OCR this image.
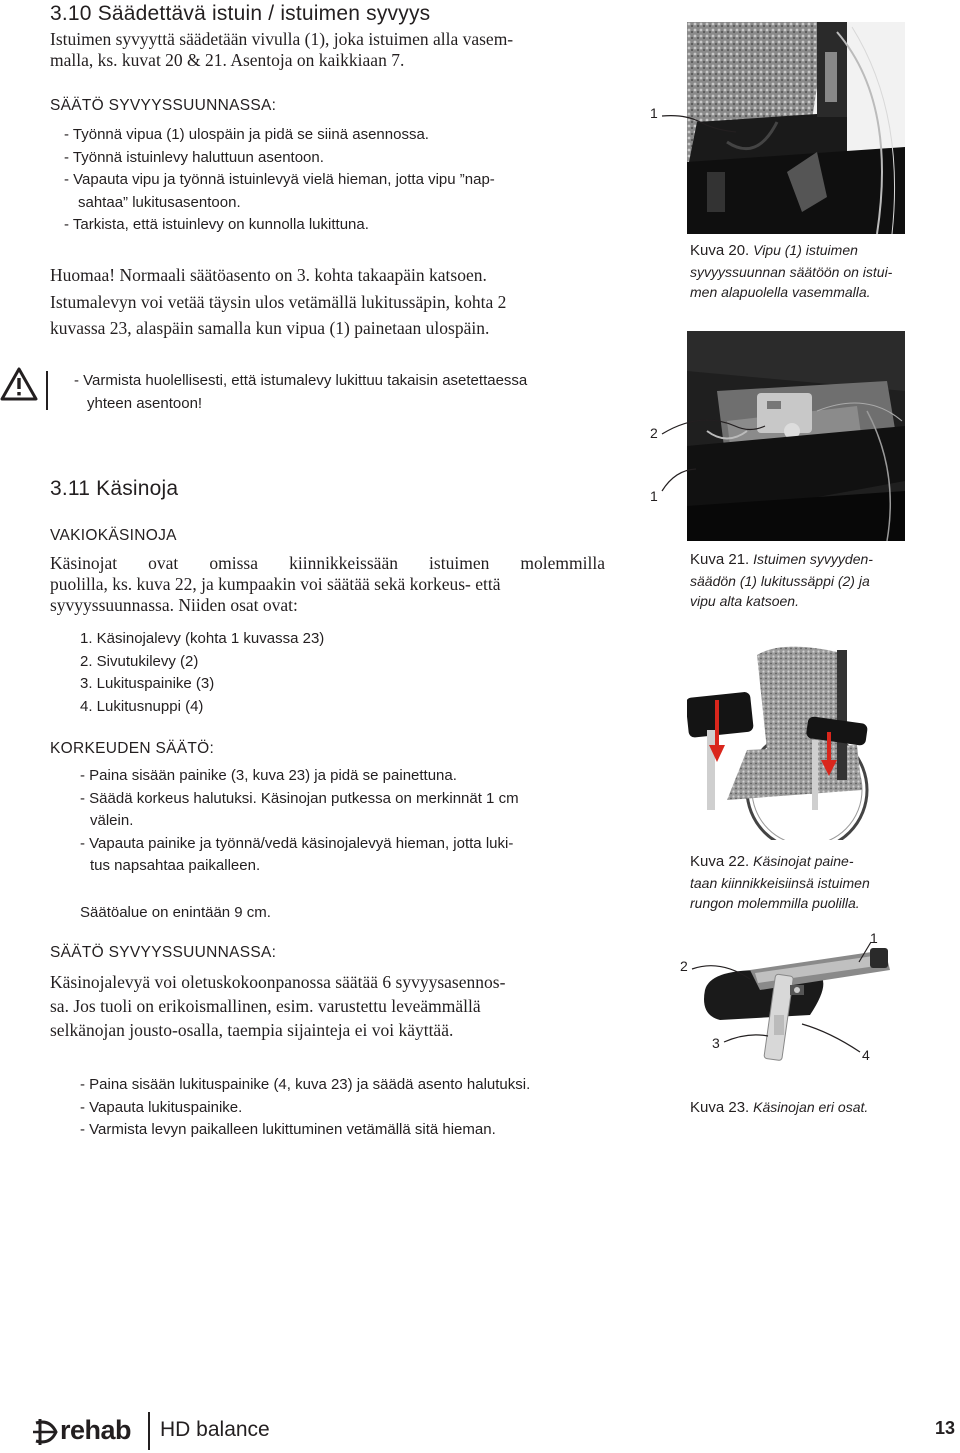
3.10 Säädettävä istuin / istuimen syvyys
Istuimen syvyyttä säädetään vivulla (1), joka istuimen alla vasem-
malla, ks. kuvat 20 & 21. Asentoja on kaikkiaan 7.
SÄÄTÖ SYVYYSSUUNNASSA:
- Työnnä vipua (1) ulospäin ja pidä se siinä asennossa.
- Työnnä istuinlevy haluttuun asentoon.
- Vapauta vipu ja työnnä istuinlevyä vielä hieman, jotta vipu ”nap-
sahtaa” lukitusasentoon.
- Tarkista, että istuinlevy on kunnolla lukittuna.
Huomaa! Normaali säätöasento on 3. kohta takaapäin katsoen.
Istumalevyn voi vetää täysin ulos vetämällä lukitussäpin, kohta 2
kuvassa 23, alaspäin samalla kun vipua (1) painetaan ulospäin.
- Varmista huolellisesti, että istumalevy lukittuu takaisin asetettaessa
yhteen asentoon!
3.11 Käsinoja
VAKIOKÄSINOJA
Käsinojat ovat omissa kiinnikkeissään istuimen molemmilla
puolilla, ks. kuva 22, ja kumpaakin voi säätää sekä korkeus- että
syvyyssuunnassa. Niiden osat ovat:
1. Käsinojalevy (kohta 1 kuvassa 23)
2. Sivutukilevy (2)
3. Lukituspainike (3)
4. Lukitusnuppi (4)
KORKEUDEN SÄÄTÖ:
- Paina sisään painike (3, kuva 23) ja pidä se painettuna.
- Säädä korkeus halutuksi. Käsinojan putkessa on merkinnät 1 cm
välein.
- Vapauta painike ja työnnä/vedä käsinojalevyä hieman, jotta luki-
tus napsahtaa paikalleen.
Säätöalue on enintään 9 cm.
SÄÄTÖ SYVYYSSUUNNASSA:
Käsinojalevyä voi oletuskokoonpanossa säätää 6 syvyysasennos-
sa. Jos tuoli on erikoismallinen, esim. varustettu leveämmällä
selkänojan jousto-osalla, taempia sijainteja ei voi käyttää.
- Paina sisään lukituspainike (4, kuva 23) ja säädä asento halutuksi.
- Vapauta lukituspainike.
- Varmista levyn paikalleen lukittuminen vetämällä sitä hieman.
1
Kuva 20. Vipu (1) istuimen
syvyyssuunnan säätöön on istui-
men alapuolella vasemmalla.
2
1
Kuva 21. Istuimen syvyyden-
säädön (1) lukitussäppi (2) ja
vipu alta katsoen.
Kuva 22. Käsinojat paine-
taan kiinnikkeisiinsä istuimen
rungon molemmilla puolilla.
1
2
3
4
Kuva 23. Käsinojan eri osat.
rehab HD balance	13
